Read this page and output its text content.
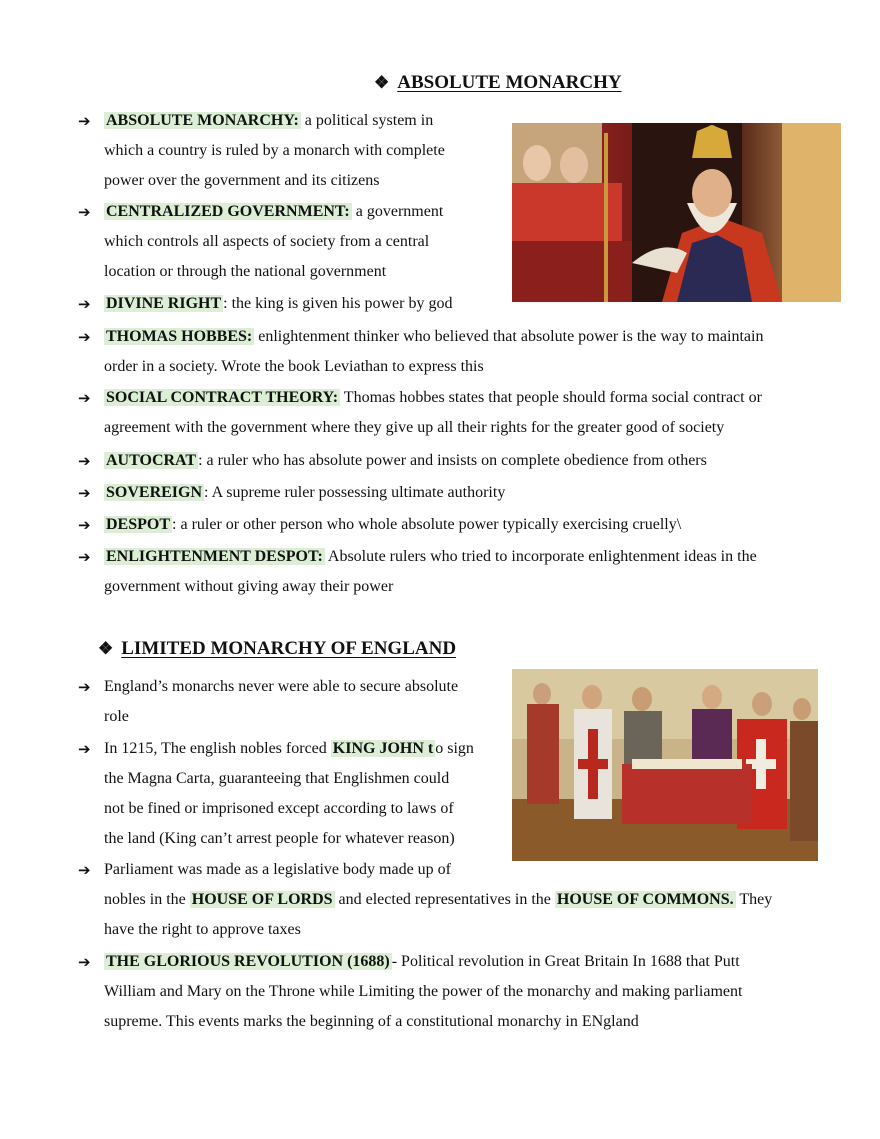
❖ ABSOLUTE MONARCHY
➔ ABSOLUTE MONARCHY: a political system in
which a country is ruled by a monarch with complete
power over the government and its citizens
➔ CENTRALIZED GOVERNMENT: a government
which controls all aspects of society from a central
location or through the national government
➔ DIVINE RIGHT : the king is given his power by god
➔ THOMAS HOBBES: enlightenment thinker who believed that absolute power is the way to maintain
order in a society. Wrote the book Leviathan to express this
➔ SOCIAL CONTRACT THEORY: Thomas hobbes states that people should forma social contract or
agreement with the government where they give up all their rights for the greater good of society
➔ AUTOCRAT : a ruler who has absolute power and insists on complete obedience from others
➔ SOVEREIGN : A supreme ruler possessing ultimate authority
➔ DESPOT : a ruler or other person who whole absolute power typically exercising cruelly\
➔ ENLIGHTENMENT DESPOT: Absolute rulers who tried to incorporate enlightenment ideas in the
government without giving away their power
❖ LIMITED MONARCHY OF ENGLAND
➔ England’s monarchs never were able to secure absolute
role
➔ In 1215, The english nobles forced KING JOHN t o sign
the Magna Carta, guaranteeing that Englishmen could
not be fined or imprisoned except according to laws of
the land (King can’t arrest people for whatever reason)
➔ Parliament was made as a legislative body made up of
nobles in the HOUSE OF LORDS and elected representatives in the HOUSE OF COMMONS. They
have the right to approve taxes
➔ THE GLORIOUS REVOLUTION (1688) - Political revolution in Great Britain In 1688 that Putt
William and Mary on the Throne while Limiting the power of the monarchy and making parliament
supreme. This events marks the beginning of a constitutional monarchy in ENgland
